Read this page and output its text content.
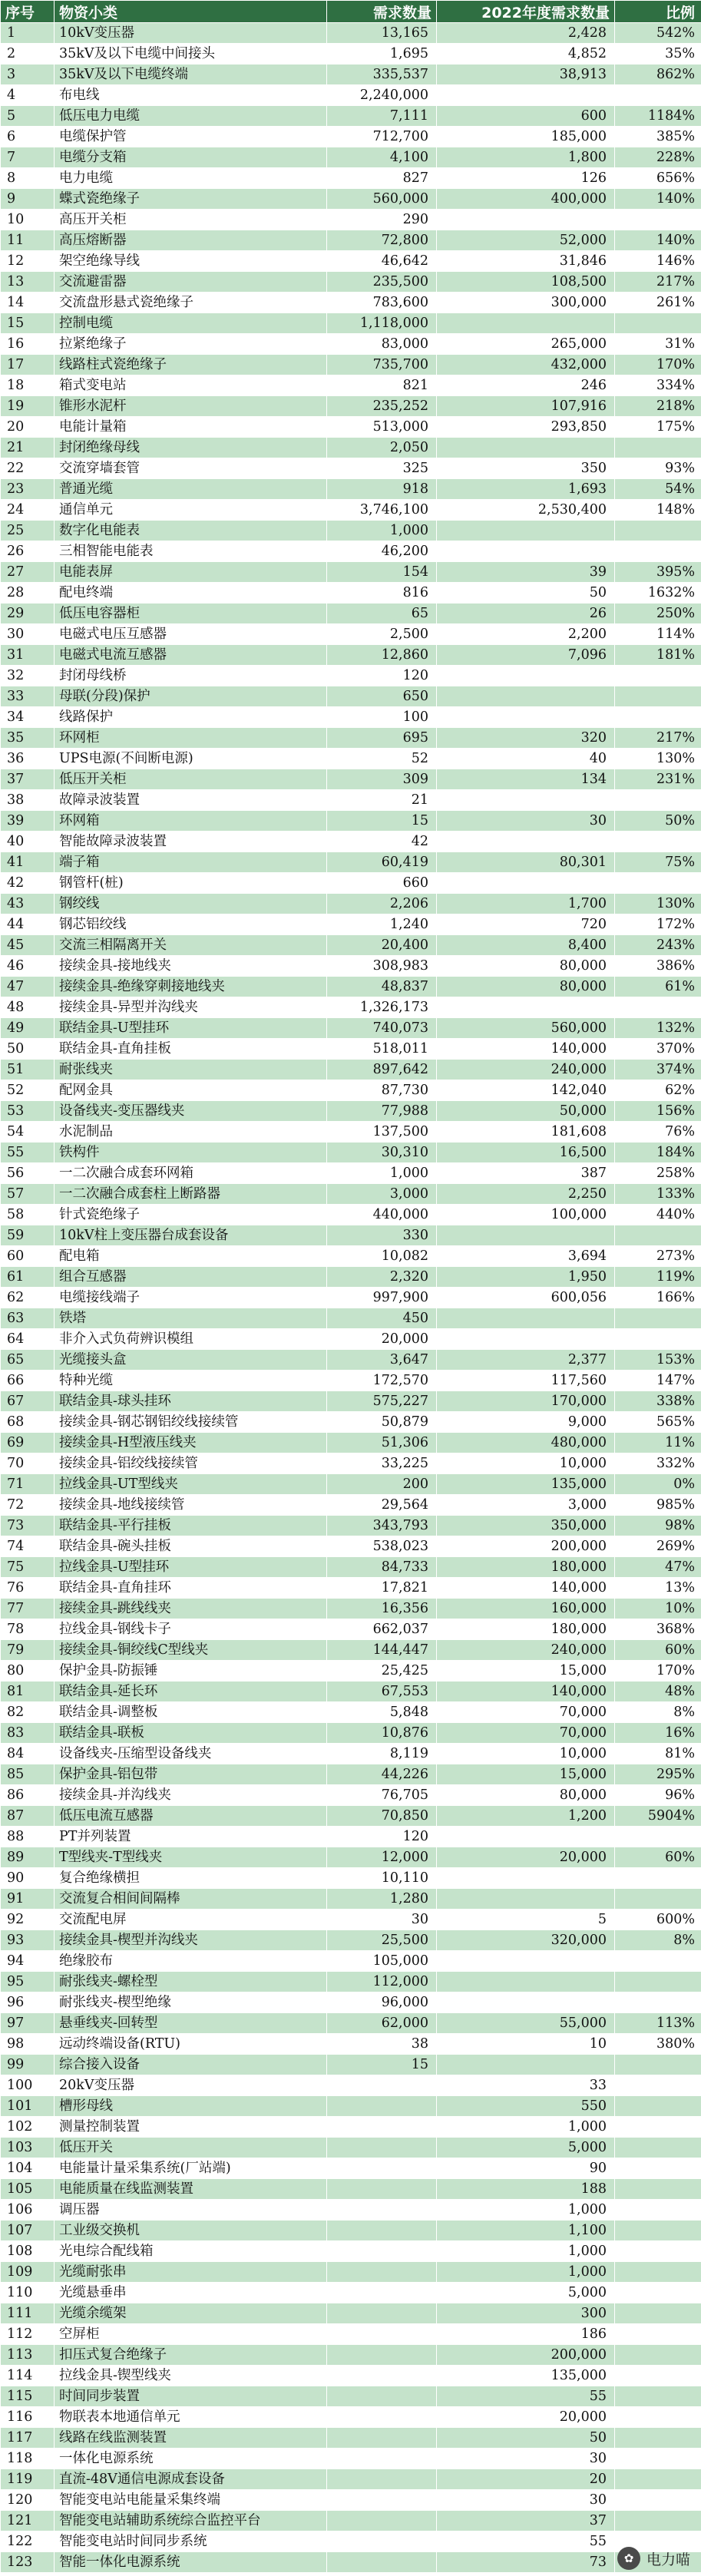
序号	物资小类	需求数量	2022年度需求数量	比例
1	10kV变压器	13,165	2,428	542%
2	35kV及以下电缆中间接头	1,695	4,852	35%
3	35kV及以下电缆终端	335,537	38,913	862%
4	布电线	2,240,000		
5	低压电力电缆	7,111	600	1184%
6	电缆保护管	712,700	185,000	385%
7	电缆分支箱	4,100	1,800	228%
8	电力电缆	827	126	656%
9	蝶式瓷绝缘子	560,000	400,000	140%
10	高压开关柜	290		
11	高压熔断器	72,800	52,000	140%
12	架空绝缘导线	46,642	31,846	146%
13	交流避雷器	235,500	108,500	217%
14	交流盘形悬式瓷绝缘子	783,600	300,000	261%
15	控制电缆	1,118,000		
16	拉紧绝缘子	83,000	265,000	31%
17	线路柱式瓷绝缘子	735,700	432,000	170%
18	箱式变电站	821	246	334%
19	锥形水泥杆	235,252	107,916	218%
20	电能计量箱	513,000	293,850	175%
21	封闭绝缘母线	2,050		
22	交流穿墙套管	325	350	93%
23	普通光缆	918	1,693	54%
24	通信单元	3,746,100	2,530,400	148%
25	数字化电能表	1,000		
26	三相智能电能表	46,200		
27	电能表屏	154	39	395%
28	配电终端	816	50	1632%
29	低压电容器柜	65	26	250%
30	电磁式电压互感器	2,500	2,200	114%
31	电磁式电流互感器	12,860	7,096	181%
32	封闭母线桥	120		
33	母联(分段)保护	650		
34	线路保护	100		
35	环网柜	695	320	217%
36	UPS电源(不间断电源)	52	40	130%
37	低压开关柜	309	134	231%
38	故障录波装置	21		
39	环网箱	15	30	50%
40	智能故障录波装置	42		
41	端子箱	60,419	80,301	75%
42	钢管杆(桩)	660		
43	钢绞线	2,206	1,700	130%
44	钢芯铝绞线	1,240	720	172%
45	交流三相隔离开关	20,400	8,400	243%
46	接续金具-接地线夹	308,983	80,000	386%
47	接续金具-绝缘穿刺接地线夹	48,837	80,000	61%
48	接续金具-异型并沟线夹	1,326,173		
49	联结金具-U型挂环	740,073	560,000	132%
50	联结金具-直角挂板	518,011	140,000	370%
51	耐张线夹	897,642	240,000	374%
52	配网金具	87,730	142,040	62%
53	设备线夹-变压器线夹	77,988	50,000	156%
54	水泥制品	137,500	181,608	76%
55	铁构件	30,310	16,500	184%
56	一二次融合成套环网箱	1,000	387	258%
57	一二次融合成套柱上断路器	3,000	2,250	133%
58	针式瓷绝缘子	440,000	100,000	440%
59	10kV柱上变压器台成套设备	330		
60	配电箱	10,082	3,694	273%
61	组合互感器	2,320	1,950	119%
62	电缆接线端子	997,900	600,056	166%
63	铁塔	450		
64	非介入式负荷辨识模组	20,000		
65	光缆接头盒	3,647	2,377	153%
66	特种光缆	172,570	117,560	147%
67	联结金具-球头挂环	575,227	170,000	338%
68	接续金具-钢芯钢铝绞线接续管	50,879	9,000	565%
69	接续金具-H型液压线夹	51,306	480,000	11%
70	接续金具-铝绞线接续管	33,225	10,000	332%
71	拉线金具-UT型线夹	200	135,000	0%
72	接续金具-地线接续管	29,564	3,000	985%
73	联结金具-平行挂板	343,793	350,000	98%
74	联结金具-碗头挂板	538,023	200,000	269%
75	拉线金具-U型挂环	84,733	180,000	47%
76	联结金具-直角挂环	17,821	140,000	13%
77	接续金具-跳线线夹	16,356	160,000	10%
78	拉线金具-钢线卡子	662,037	180,000	368%
79	接续金具-铜绞线C型线夹	144,447	240,000	60%
80	保护金具-防振锤	25,425	15,000	170%
81	联结金具-延长环	67,553	140,000	48%
82	联结金具-调整板	5,848	70,000	8%
83	联结金具-联板	10,876	70,000	16%
84	设备线夹-压缩型设备线夹	8,119	10,000	81%
85	保护金具-铝包带	44,226	15,000	295%
86	接续金具-并沟线夹	76,705	80,000	96%
87	低压电流互感器	70,850	1,200	5904%
88	PT并列装置	120		
89	T型线夹-T型线夹	12,000	20,000	60%
90	复合绝缘横担	10,110		
91	交流复合相间间隔棒	1,280		
92	交流配电屏	30	5	600%
93	接续金具-楔型并沟线夹	25,500	320,000	8%
94	绝缘胶布	105,000		
95	耐张线夹-螺栓型	112,000		
96	耐张线夹-楔型绝缘	96,000		
97	悬垂线夹-回转型	62,000	55,000	113%
98	远动终端设备(RTU)	38	10	380%
99	综合接入设备	15		
100	20kV变压器		33	
101	槽形母线		550	
102	测量控制装置		1,000	
103	低压开关		5,000	
104	电能量计量采集系统(厂站端)		90	
105	电能质量在线监测装置		188	
106	调压器		1,000	
107	工业级交换机		1,100	
108	光电综合配线箱		1,000	
109	光缆耐张串		1,000	
110	光缆悬垂串		5,000	
111	光缆余缆架		300	
112	空屏柜		186	
113	扣压式复合绝缘子		200,000	
114	拉线金具-锲型线夹		135,000	
115	时间同步装置		55	
116	物联表本地通信单元		20,000	
117	线路在线监测装置		50	
118	一体化电源系统		30	
119	直流-48V通信电源成套设备		20	
120	智能变电站电能量采集终端		30	
121	智能变电站辅助系统综合监控平台		37	
122	智能变电站时间同步系统		55	
123	智能一体化电源系统		73		✿ 电力喵
